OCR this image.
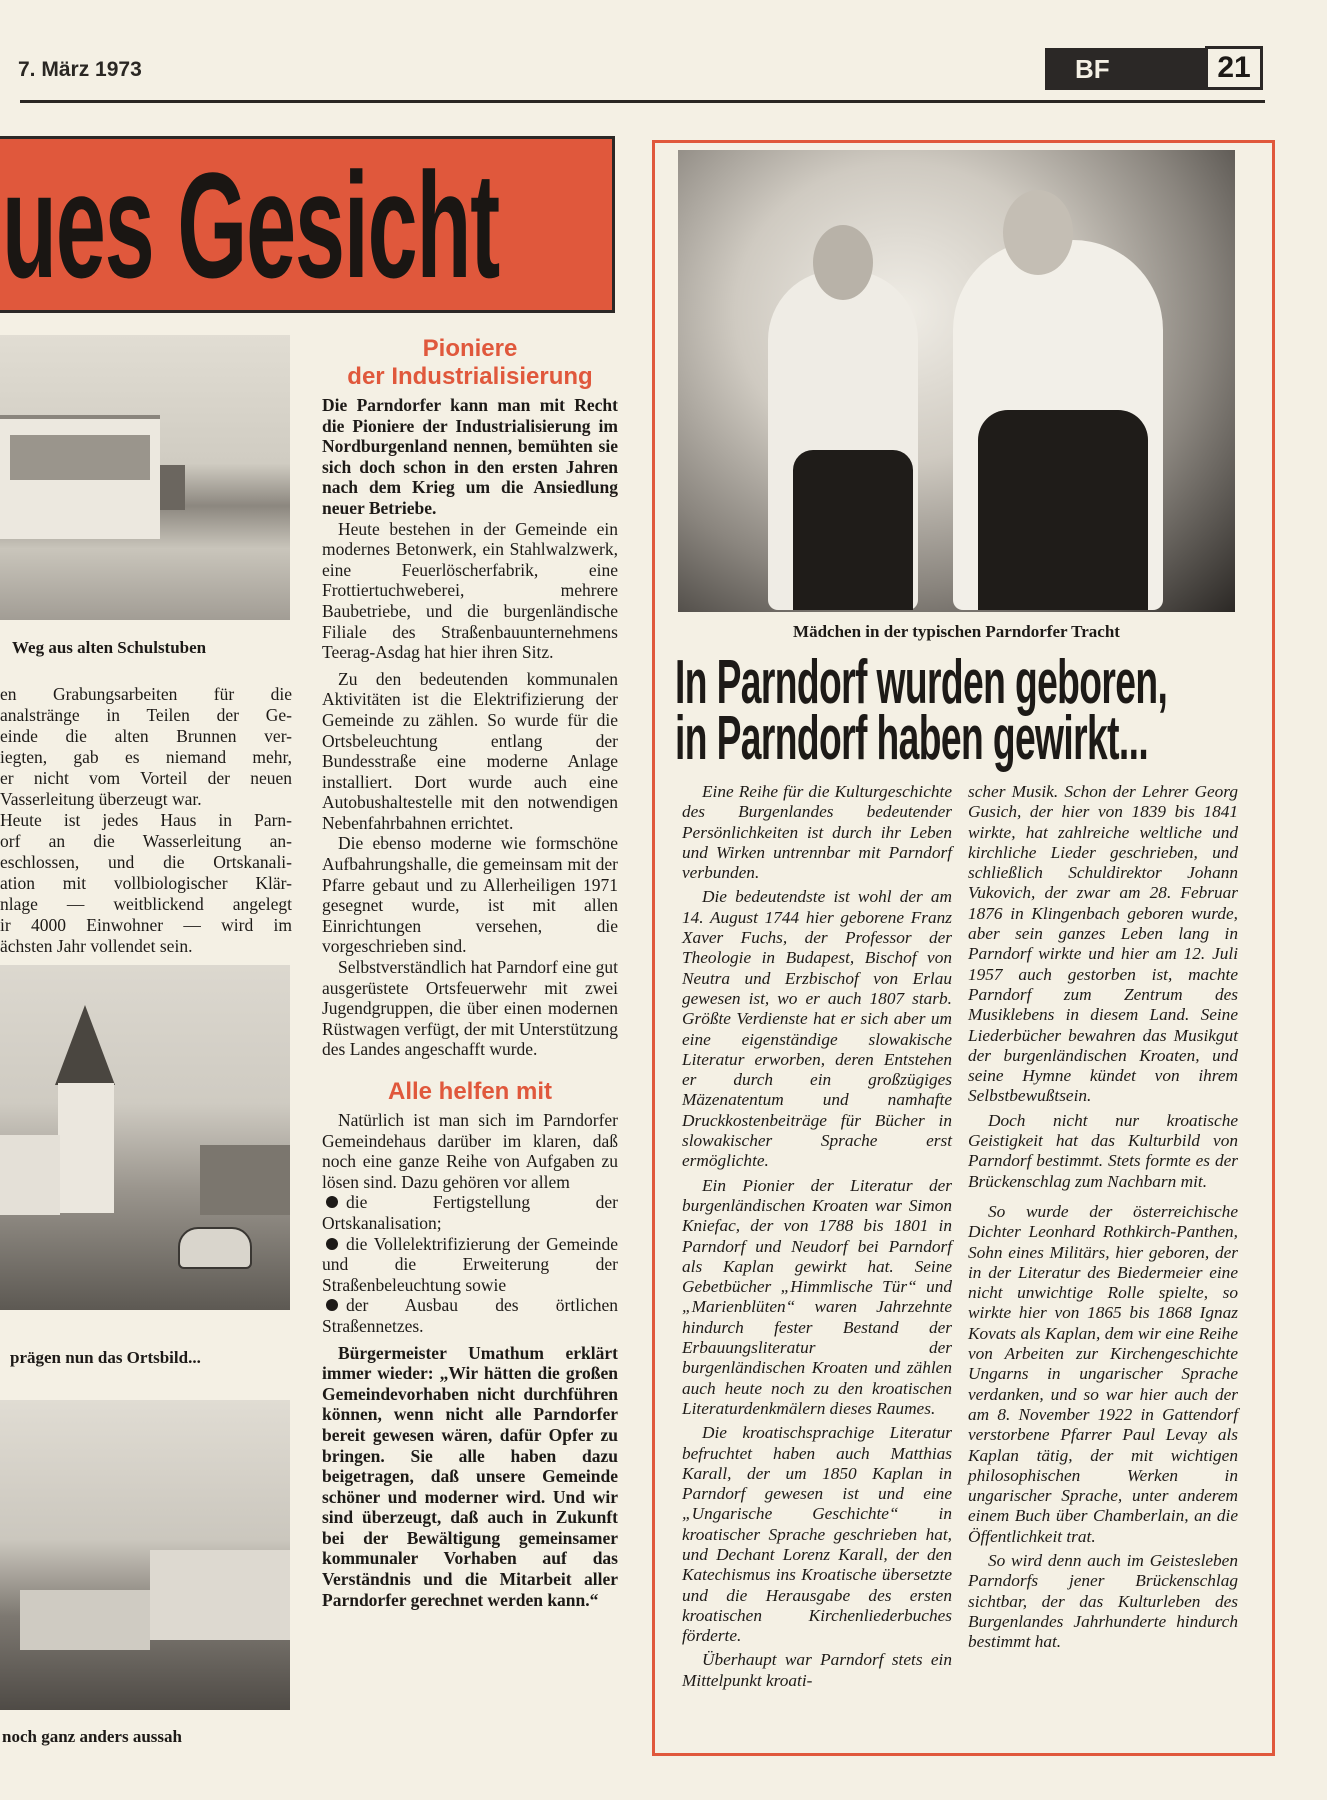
7. März 1973	BF	21
ues Gesicht
Weg aus alten Schulstuben
en Grabungsarbeiten für die
analstränge in Teilen der Ge-
einde die alten Brunnen ver-
iegten, gab es niemand mehr,
er nicht vom Vorteil der neuen
Vasserleitung überzeugt war.
Heute ist jedes Haus in Parn-
orf an die Wasserleitung an-
eschlossen, und die Ortskanali-
ation mit vollbiologischer Klär-
nlage — weitblickend angelegt
ir 4000 Einwohner — wird im
ächsten Jahr vollendet sein.
prägen nun das Ortsbild...
noch ganz anders aussah
Pioniere
der Industrialisierung

Die Parndorfer kann man mit Recht die Pioniere der Industrialisierung im Nordburgenland nennen, bemühten sie sich doch schon in den ersten Jahren nach dem Krieg um die Ansiedlung neuer Betriebe.

Heute bestehen in der Gemeinde ein modernes Betonwerk, ein Stahlwalzwerk, eine Feuerlöscherfabrik, eine Frottiertuchweberei, mehrere Baubetriebe, und die burgenländische Filiale des Straßenbauunternehmens Teerag-Asdag hat hier ihren Sitz.

Zu den bedeutenden kommunalen Aktivitäten ist die Elektrifizierung der Gemeinde zu zählen. So wurde für die Ortsbeleuchtung entlang der Bundesstraße eine moderne Anlage installiert. Dort wurde auch eine Autobushaltestelle mit den notwendigen Nebenfahrbahnen errichtet.

Die ebenso moderne wie formschöne Aufbahrungshalle, die gemeinsam mit der Pfarre gebaut und zu Allerheiligen 1971 gesegnet wurde, ist mit allen Einrichtungen versehen, die vorgeschrieben sind.

Selbstverständlich hat Parndorf eine gut ausgerüstete Ortsfeuerwehr mit zwei Jugendgruppen, die über einen modernen Rüstwagen verfügt, der mit Unterstützung des Landes angeschafft wurde.

Alle helfen mit

Natürlich ist man sich im Parndorfer Gemeindehaus darüber im klaren, daß noch eine ganze Reihe von Aufgaben zu lösen sind. Dazu gehören vor allem

die Fertigstellung der Ortskanalisation;
die Vollelektrifizierung der Gemeinde und die Erweiterung der Straßenbeleuchtung sowie
der Ausbau des örtlichen Straßennetzes.

Bürgermeister Umathum erklärt immer wieder: „Wir hätten die großen Gemeindevorhaben nicht durchführen können, wenn nicht alle Parndorfer bereit gewesen wären, dafür Opfer zu bringen. Sie alle haben dazu beigetragen, daß unsere Gemeinde schöner und moderner wird. Und wir sind überzeugt, daß auch in Zukunft bei der Bewältigung gemeinsamer kommunaler Vorhaben auf das Verständnis und die Mitarbeit aller Parndorfer gerechnet werden kann.“

Mädchen in der typischen Parndorfer Tracht
In Parndorf wurden geboren,
in Parndorf haben gewirkt...

Eine Reihe für die Kulturgeschichte des Burgenlandes bedeutender Persönlichkeiten ist durch ihr Leben und Wirken untrennbar mit Parndorf verbunden.

Die bedeutendste ist wohl der am 14. August 1744 hier geborene Franz Xaver Fuchs, der Professor der Theologie in Budapest, Bischof von Neutra und Erzbischof von Erlau gewesen ist, wo er auch 1807 starb. Größte Verdienste hat er sich aber um eine eigenständige slowakische Literatur erworben, deren Entstehen er durch ein großzügiges Mäzenatentum und namhafte Druckkostenbeiträge für Bücher in slowakischer Sprache erst ermöglichte.

Ein Pionier der Literatur der burgenländischen Kroaten war Simon Kniefac, der von 1788 bis 1801 in Parndorf und Neudorf bei Parndorf als Kaplan gewirkt hat. Seine Gebetbücher „Himmlische Tür“ und „Marienblüten“ waren Jahrzehnte hindurch fester Bestand der Erbauungsliteratur der burgenländischen Kroaten und zählen auch heute noch zu den kroatischen Literaturdenkmälern dieses Raumes.

Die kroatischsprachige Literatur befruchtet haben auch Matthias Karall, der um 1850 Kaplan in Parndorf gewesen ist und eine „Ungarische Geschichte“ in kroatischer Sprache geschrieben hat, und Dechant Lorenz Karall, der den Katechismus ins Kroatische übersetzte und die Herausgabe des ersten kroatischen Kirchenliederbuches förderte.

Überhaupt war Parndorf stets ein Mittelpunkt kroati-

scher Musik. Schon der Lehrer Georg Gusich, der hier von 1839 bis 1841 wirkte, hat zahlreiche weltliche und kirchliche Lieder geschrieben, und schließlich Schuldirektor Johann Vukovich, der zwar am 28. Februar 1876 in Klingenbach geboren wurde, aber sein ganzes Leben lang in Parndorf wirkte und hier am 12. Juli 1957 auch gestorben ist, machte Parndorf zum Zentrum des Musiklebens in diesem Land. Seine Liederbücher bewahren das Musikgut der burgenländischen Kroaten, und seine Hymne kündet von ihrem Selbstbewußtsein.

Doch nicht nur kroatische Geistigkeit hat das Kulturbild von Parndorf bestimmt. Stets formte es der Brückenschlag zum Nachbarn mit.

So wurde der österreichische Dichter Leonhard Rothkirch-Panthen, Sohn eines Militärs, hier geboren, der in der Literatur des Biedermeier eine nicht unwichtige Rolle spielte, so wirkte hier von 1865 bis 1868 Ignaz Kovats als Kaplan, dem wir eine Reihe von Arbeiten zur Kirchengeschichte Ungarns in ungarischer Sprache verdanken, und so war hier auch der am 8. November 1922 in Gattendorf verstorbene Pfarrer Paul Levay als Kaplan tätig, der mit wichtigen philosophischen Werken in ungarischer Sprache, unter anderem einem Buch über Chamberlain, an die Öffentlichkeit trat.

So wird denn auch im Geistesleben Parndorfs jener Brückenschlag sichtbar, der das Kulturleben des Burgenlandes Jahrhunderte hindurch bestimmt hat.
